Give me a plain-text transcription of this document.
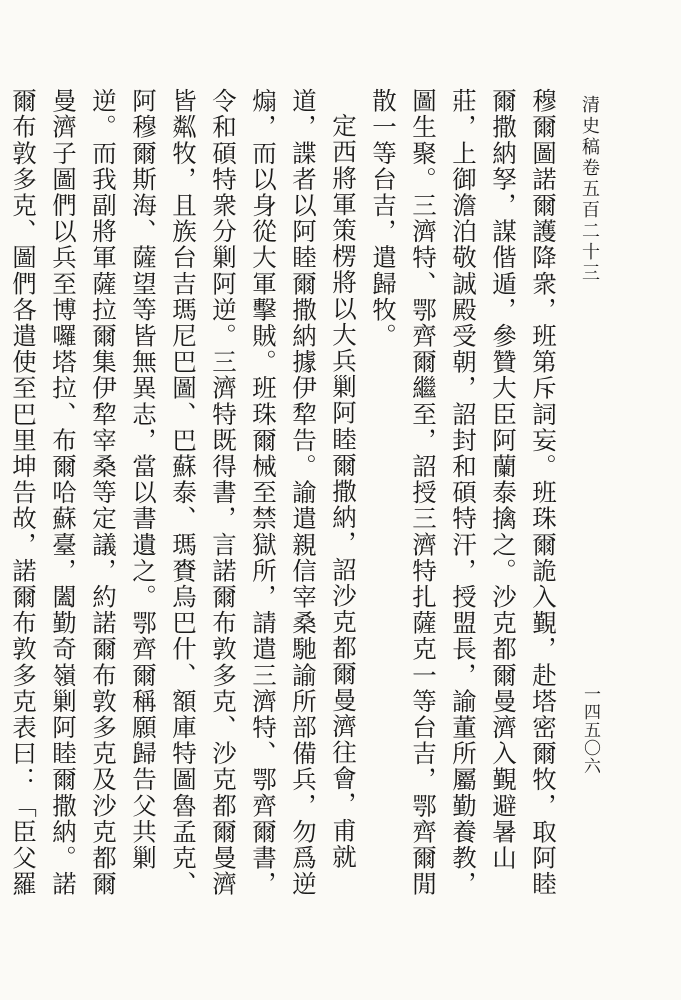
清史稿卷五百二十三
一四五〇六

穆爾圖諾爾護降衆，班第斥詞妄。班珠爾詭入覲，赴塔密爾牧，取阿睦爾撒納孥，謀偕遁，參贊大臣阿蘭泰擒之。沙克都爾曼濟入覲避暑山莊，上御澹泊敬誠殿受朝，詔封和碩特汗，授盟長，諭董所屬勤養教，圖生聚。三濟特、鄂齊爾繼至，詔授三濟特扎薩克一等台吉，鄂齊爾閒散一等台吉，遣歸牧。

定西將軍策楞將以大兵剿阿睦爾撒納，詔沙克都爾曼濟往會，甫就道，諜者以阿睦爾撒納據伊犂告。諭遣親信宰桑馳諭所部備兵，勿爲逆煽，而以身從大軍擊賊。班珠爾械至禁獄所，請遣三濟特、鄂齊爾書，令和碩特衆分剿阿逆。三濟特既得書，言諾爾布敦多克、沙克都爾曼濟皆粼牧，且族台吉瑪尼巴圖、巴蘇泰、瑪賚烏巴什、額庫特圖魯孟克、阿穆爾斯海、薩望等皆無異志，當以書遺之。鄂齊爾稱願歸告父共剿逆。而我副將軍薩拉爾集伊犂宰桑等定議，約諾爾布敦多克及沙克都爾曼濟子圖們以兵至博囉塔拉、布爾哈蘇臺，闔勤奇嶺剿阿睦爾撒納。諾爾布敦多克、圖們各遣使至巴里坤告故，諾爾布敦多克表曰：「臣父羅
